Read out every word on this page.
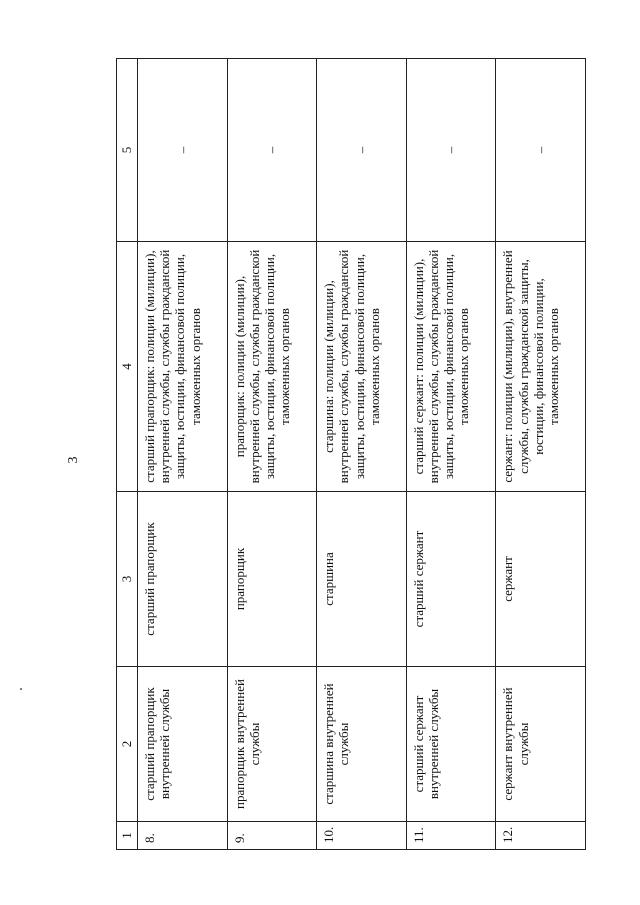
3
1	2	3	4	5
8.	старший прапорщик внутренней службы	старший прапорщик	старший прапорщик: полиции (милиции), внутренней службы, службы гражданской защиты, юстиции, финансовой полиции, таможенных органов	–
9.	прапорщик внутренней службы	прапорщик	прапорщик: полиции (милиции), внутренней службы, службы гражданской защиты, юстиции, финансовой полиции, таможенных органов	–
10.	старшина внутренней службы	старшина	старшина: полиции (милиции), внутренней службы, службы гражданской защиты, юстиции, финансовой полиции, таможенных органов	–
11.	старший сержант внутренней службы	старший сержант	старший сержант: полиции (милиции), внутренней службы, службы гражданской защиты, юстиции, финансовой полиции, таможенных органов	–
12.	сержант внутренней службы	сержант	сержант: полиции (милиции), внутренней службы, службы гражданской защиты, юстиции, финансовой полиции, таможенных органов	–
